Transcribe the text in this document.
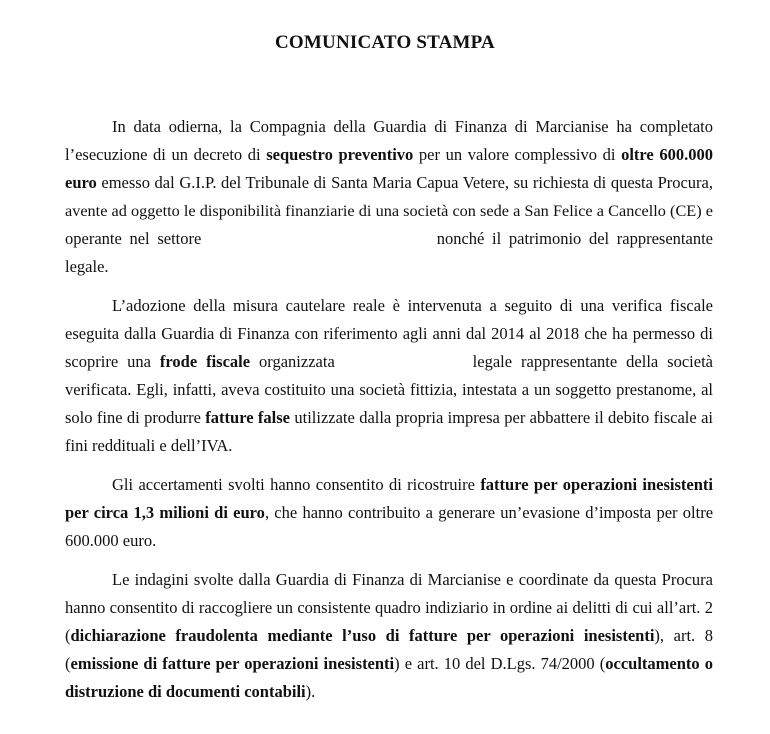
COMUNICATO STAMPA
In data odierna, la Compagnia della Guardia di Finanza di Marcianise ha completato
l’esecuzione di un decreto di sequestro preventivo per un valore complessivo di oltre 600.000
euro emesso dal G.I.P. del Tribunale di Santa Maria Capua Vetere, su richiesta di questa Procura,
avente ad oggetto le disponibilità finanziarie di una società con sede a San Felice a Cancello (CE) e
operante nel settore	nonché il patrimonio del rappresentante
legale.
L’adozione della misura cautelare reale è intervenuta a seguito di una verifica fiscale
eseguita dalla Guardia di Finanza con riferimento agli anni dal 2014 al 2018 che ha permesso di
scoprire una frode fiscale organizzata	legale rappresentante della società
verificata. Egli, infatti, aveva costituito una società fittizia, intestata a un soggetto prestanome, al
solo fine di produrre fatture false utilizzate dalla propria impresa per abbattere il debito fiscale ai
fini reddituali e dell’IVA.
Gli accertamenti svolti hanno consentito di ricostruire fatture per operazioni inesistenti
per circa 1,3 milioni di euro, che hanno contribuito a generare un’evasione d’imposta per oltre
600.000 euro.
Le indagini svolte dalla Guardia di Finanza di Marcianise e coordinate da questa Procura
hanno consentito di raccogliere un consistente quadro indiziario in ordine ai delitti di cui all’art. 2
(dichiarazione fraudolenta mediante l’uso di fatture per operazioni inesistenti), art. 8
(emissione di fatture per operazioni inesistenti) e art. 10 del D.Lgs. 74/2000 (occultamento o
distruzione di documenti contabili).
